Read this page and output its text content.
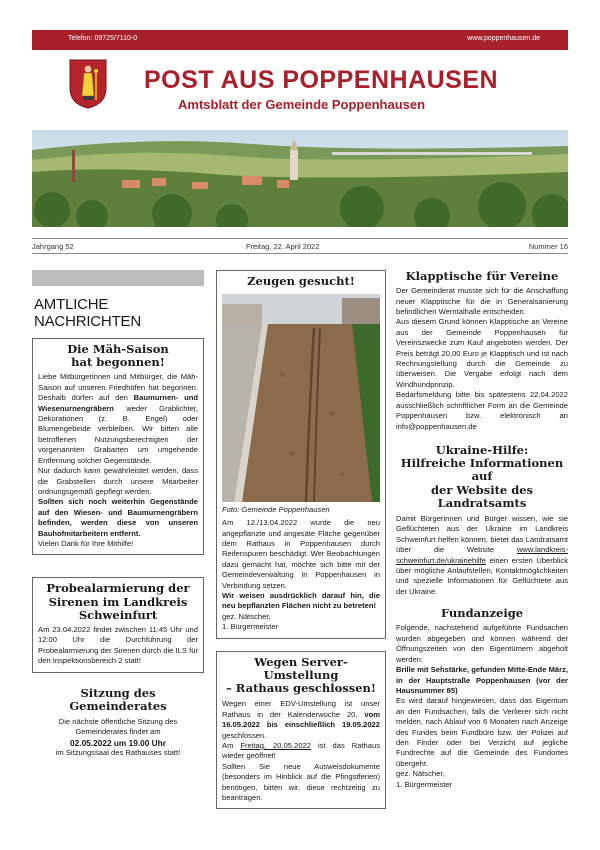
Telefon: 09725/7110-0	www.poppenhausen.de
POST AUS POPPENHAUSEN
Amtsblatt der Gemeinde Poppenhausen
Jahrgang 52	Freitag, 22. April 2022	Nummer 16
AMTLICHE NACHRICHTEN
Die Mäh-Saison
hat begonnen!
Liebe Mitbürgerinnen und Mitbürger, die Mäh-Saison auf unseren Friedhöfen hat begonnen. Deshalb dürfen auf den Baumurnen- und Wiesenurnengräbern weder Grablichter, Dekorationen (z. B. Engel) oder Blumengebinde verbleiben. Wir bitten alle betroffenen Nutzungsberechtigten der vorgenannten Grabarten um umgehende Entfernung solcher Gegenstände.
Nur dadurch kann gewährleistet werden, dass die Grabstellen durch unsere Mitarbeiter ordnungsgemäß gepflegt werden.
Sollten sich noch weiterhin Gegenstände auf den Wiesen- und Baumurnengräbern befinden, werden diese von unseren Bauhofmitarbeitern entfernt.
Vielen Dank für Ihre Mithilfe!
Probealarmierung der
Sirenen im Landkreis
Schweinfurt
Am 23.04.2022 findet zwischen 11:45 Uhr und 12:00 Uhr die Durchführung der Probealarmierung der Sirenen durch die ILS für den Inspektionsbereich 2 statt!
Sitzung des Gemeinderates
Die nächste öffentliche Sitzung des Gemeinderates findet am
02.05.2022 um 19.00 Uhr
im Sitzungssaal des Rathauses statt!
Zeugen gesucht!
Foto: Gemeinde Poppenhausen
Am 12./13.04.2022 wurde die neu angepflanzte und angesäte Fläche gegenüber dem Rathaus in Poppenhausen durch Reifenspuren beschädigt. Wer Beobachtungen dazu gemacht hat, möchte sich bitte mit der Gemeindeverwaltung in Poppenhausen in Verbindung setzen.
Wir weisen ausdrücklich darauf hin, die neu bepflanzten Flächen nicht zu betreten!
gez. Nätscher,
1. Bürgermeister
Wegen Server-Umstellung
– Rathaus geschlossen!
Wegen einer EDV-Umstellung ist unser Rathaus in der Kalenderwoche 20, vom 16.05.2022 bis einschließlich 19.05.2022 geschlossen.
Am Freitag, 20.05.2022 ist das Rathaus wieder geöffnet!
Sollten Sie neue Ausweisdokumente (besonders im Hinblick auf die Pfingstferien) benötigen, bitten wir, diese rechtzeitig zu beantragen.
Klapptische für Vereine
Der Gemeinderat musste sich für die Anschaffung neuer Klapptische für die in Generalsanierung befindlichen Werntalhalle entscheiden.
Aus diesem Grund können Klapptische an Vereine aus der Gemeinde Poppenhausen für Vereinszwecke zum Kauf angeboten werden. Der Preis beträgt 20,00 Euro je Klapptisch und ist nach Rechnungstellung durch die Gemeinde zu überweisen. Die Vergabe erfolgt nach dem Windhundprinzip.
Bedarfsmeldung bitte bis spätestens 22.04.2022 ausschließlich schriftlicher Form an die Gemeinde Poppenhausen bzw. elektronisch an info@poppenhausen.de
Ukraine-Hilfe:
Hilfreiche Informationen auf
der Website des Landratsamts
Damit Bürgerinnen und Bürger wissen, wie sie Geflüchteten aus der Ukraine im Landkreis Schweinfurt helfen können, bietet das Landratsamt über die Website www.landkreis-schweinfurt.de/ukrainehilfe einen ersten Überblick über mögliche Anlaufstellen, Kontaktmöglichkeiten und spezielle Informationen für Geflüchtete aus der Ukraine.
Fundanzeige
Folgende, nachstehend aufgeführte Fundsachen wurden abgegeben und können während der Öffnungszeiten von den Eigentümern abgeholt werden:
Brille mit Sehstärke, gefunden Mitte-Ende März, in der Hauptstraße Poppenhausen (vor der Hausnummer 85)
Es wird darauf hingewiesen, dass das Eigentum an den Fundsachen, falls die Verlierer sich nicht melden, nach Ablauf von 6 Monaten nach Anzeige des Fundes beim Fundbüro bzw. der Polizei auf den Finder oder bei Verzicht auf jegliche Fundrechte auf die Gemeinde des Fundortes übergeht.
gez. Nätscher,
1. Bürgermeister
